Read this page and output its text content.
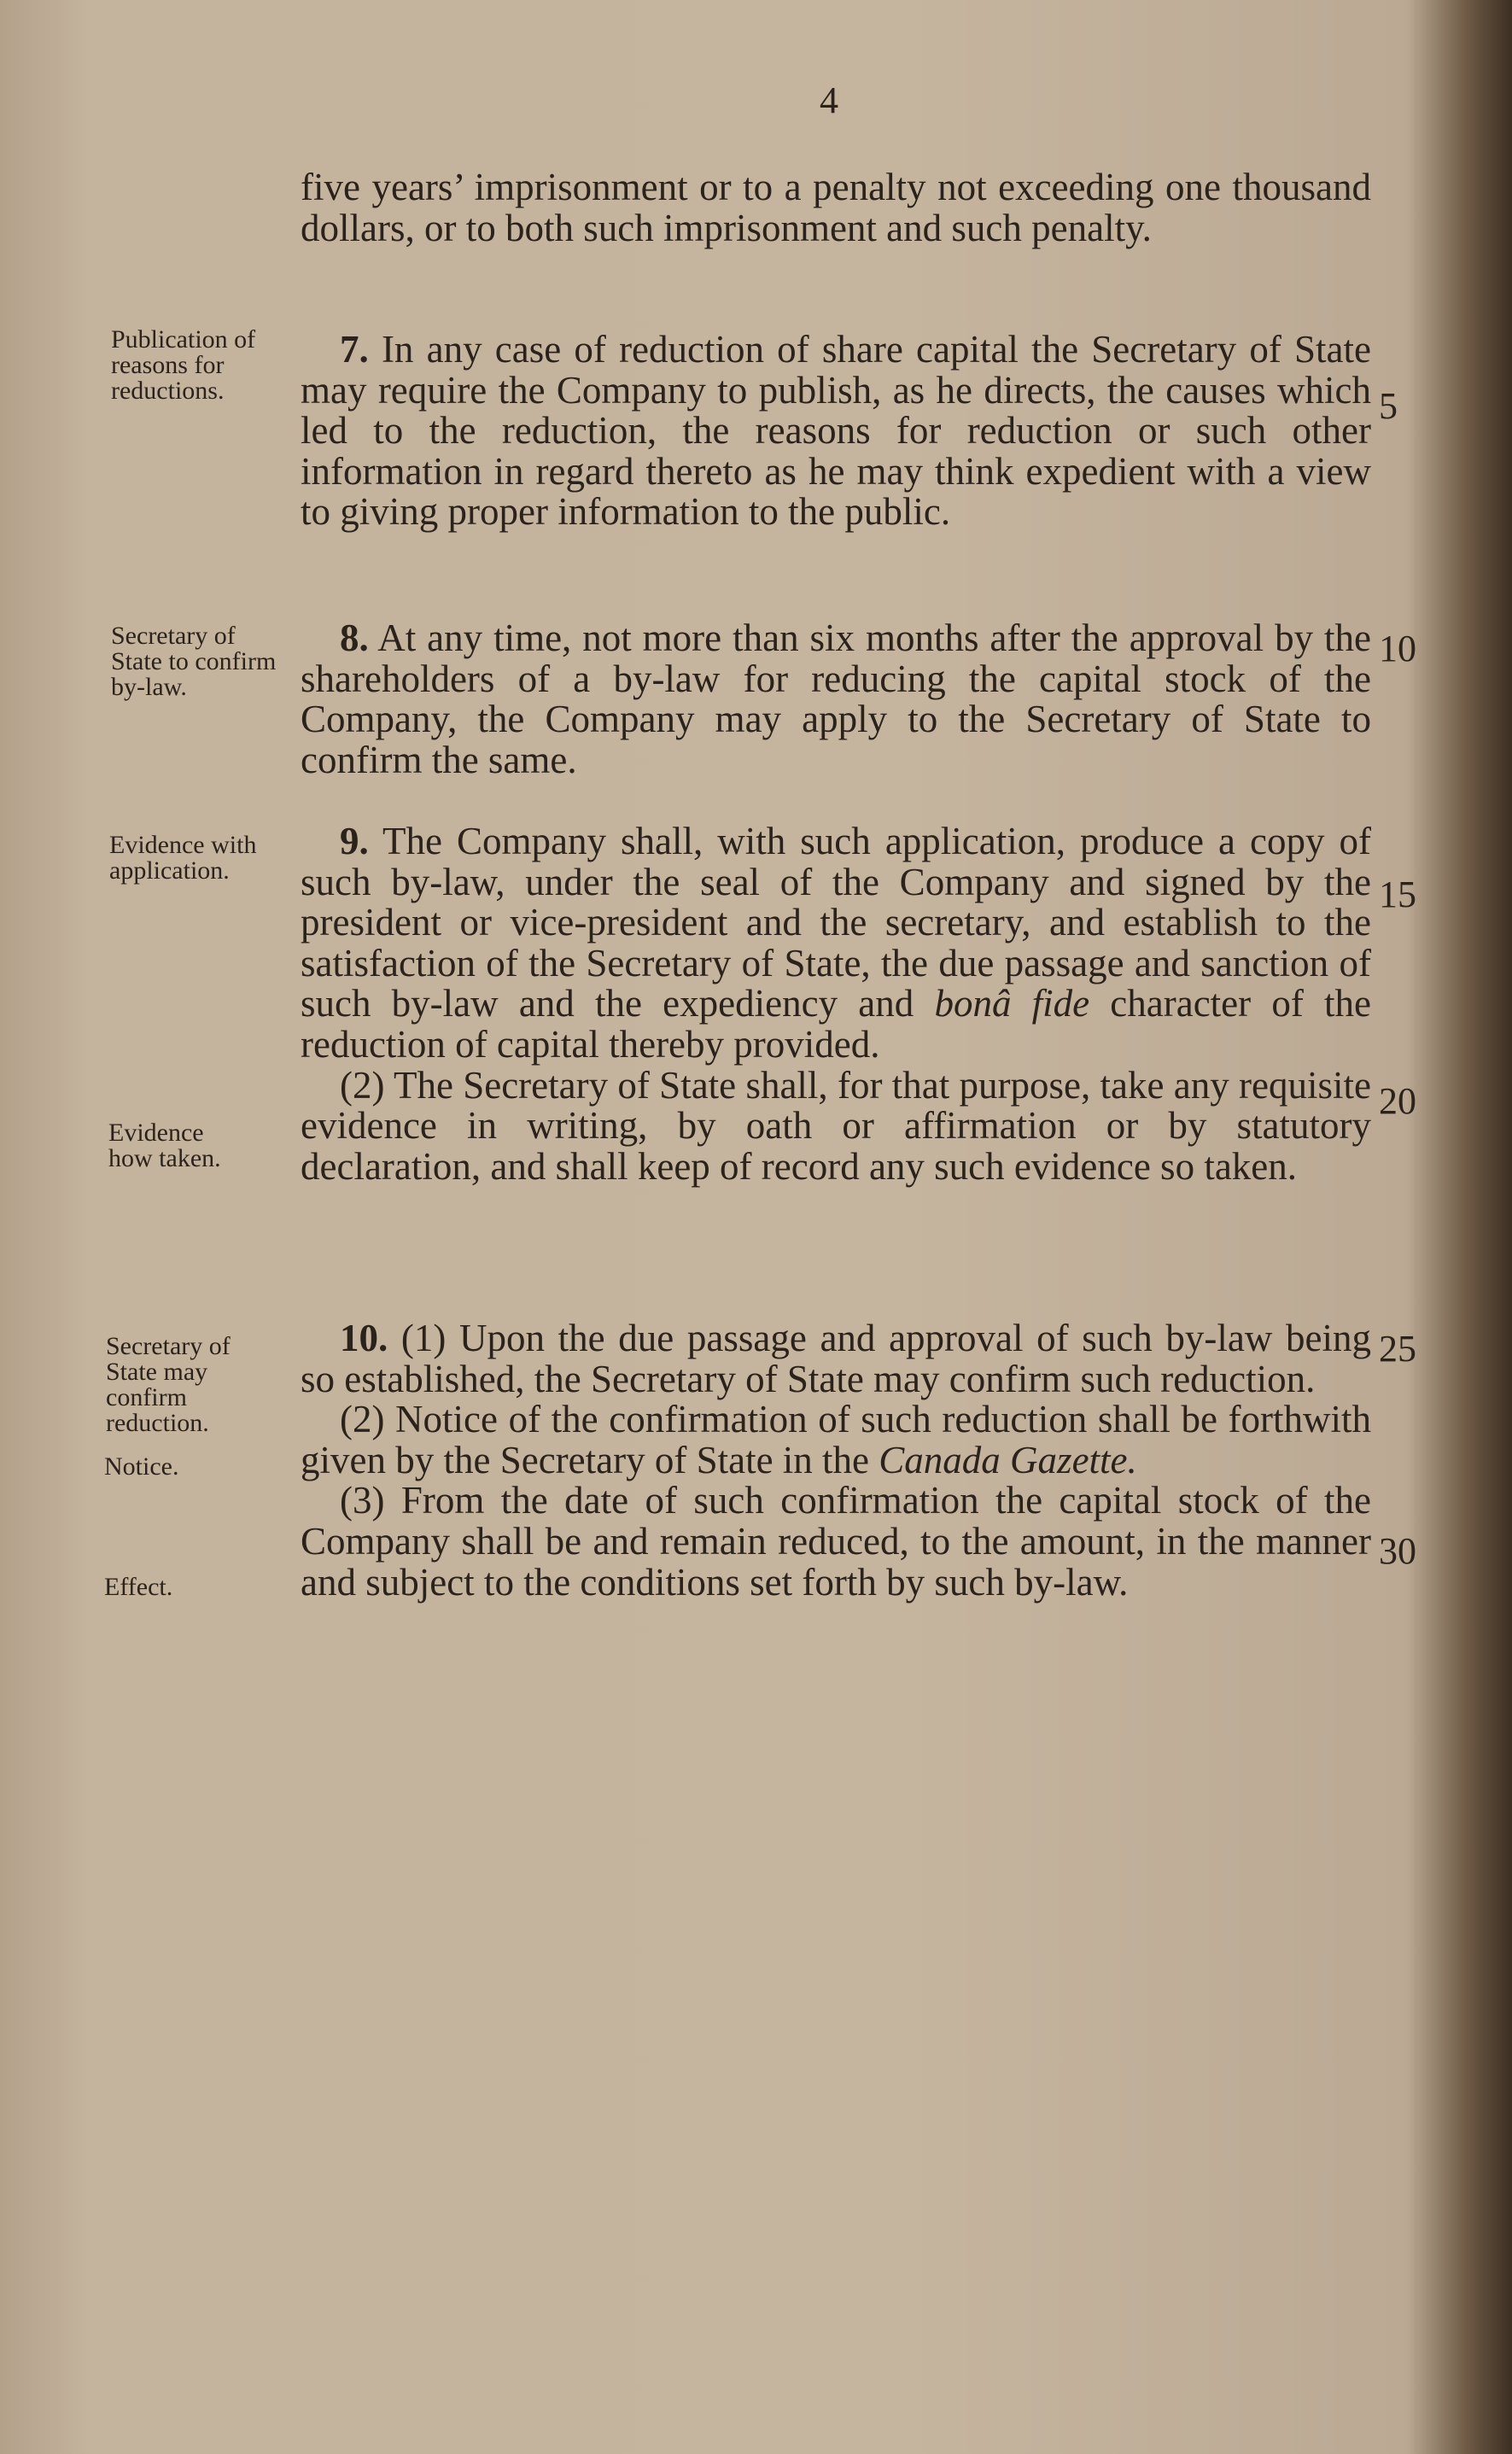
4

five years’ imprisonment or to a penalty not exceeding one thousand dollars, or to both such imprisonment and such penalty.

Publication of reasons for reductions.

7. In any case of reduction of share capital the Secretary of State may require the Company to publish, as he directs, the causes which led to the reduction, the reasons for reduction or such other information in regard thereto as he may think expedient with a view to giving proper information to the public.

Secretary of State to confirm by-law.

8. At any time, not more than six months after the approval by the shareholders of a by-law for reducing the capital stock of the Company, the Company may apply to the Secretary of State to confirm the same.

Evidence with application.

9. The Company shall, with such application, produce a copy of such by-law, under the seal of the Company and signed by the president or vice-president and the secretary, and establish to the satisfaction of the Secretary of State, the due passage and sanction of such by-law and the expediency and bonâ fide character of the reduction of capital thereby provided.

(2) The Secretary of State shall, for that purpose, take any requisite evidence in writing, by oath or affirmation or by statutory declaration, and shall keep of record any such evidence so taken.

Evidence how taken.
Secretary of State may confirm reduction.

10. (1) Upon the due passage and approval of such by-law being so established, the Secretary of State may confirm such reduction.

(2) Notice of the confirmation of such reduction shall be forthwith given by the Secretary of State in the Canada Gazette.

(3) From the date of such confirmation the capital stock of the Company shall be and remain reduced, to the amount, in the manner and subject to the conditions set forth by such by-law.

Notice.
Effect.
5
10
15
20
25
30
